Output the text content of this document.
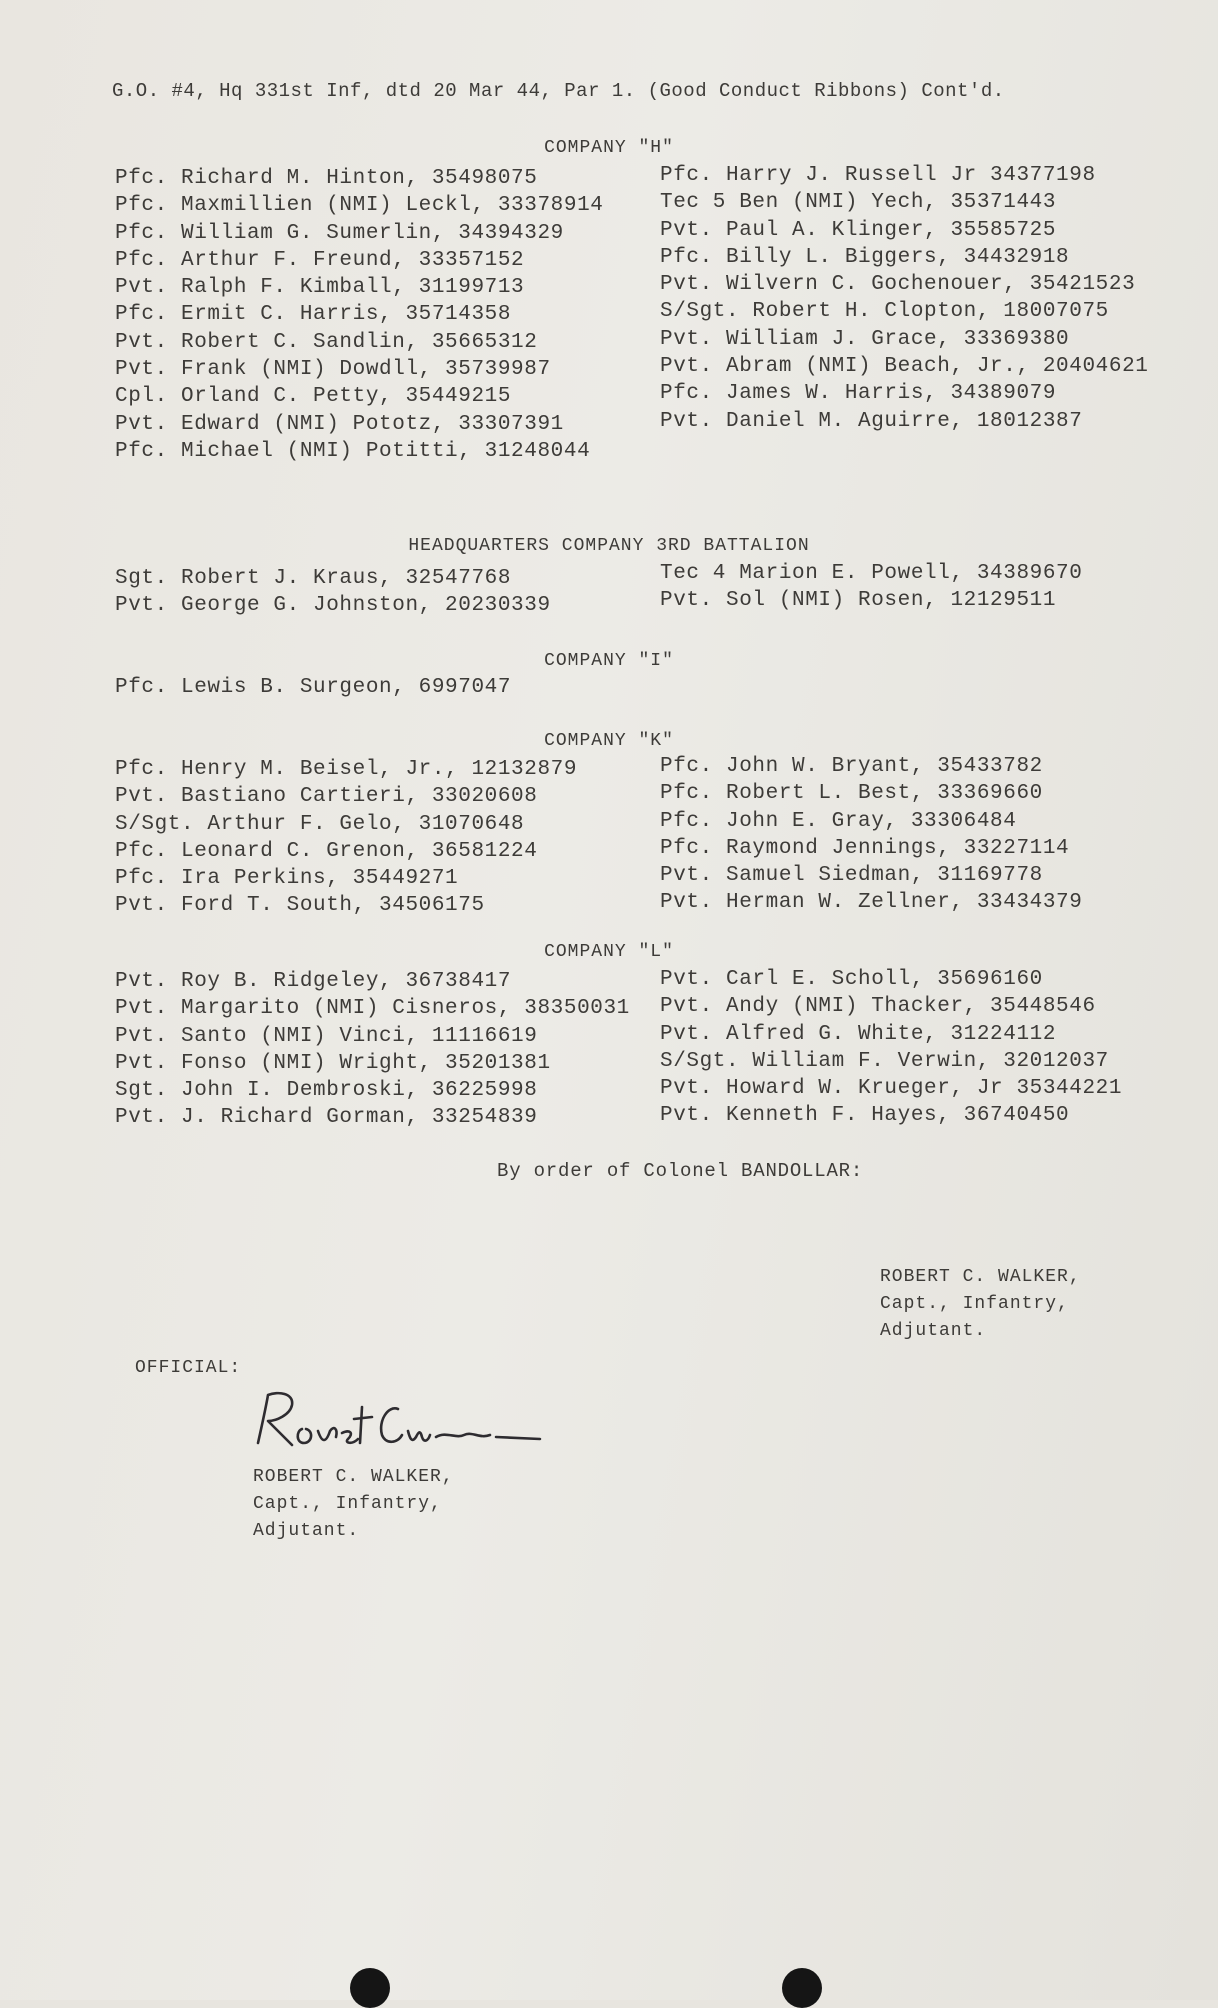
G.O. #4, Hq 331st Inf, dtd 20 Mar 44, Par 1. (Good Conduct Ribbons) Cont'd.
COMPANY "H"
Pfc. Richard M. Hinton, 35498075
Pfc. Maxmillien (NMI) Leckl, 33378914
Pfc. William G. Sumerlin, 34394329
Pfc. Arthur F. Freund, 33357152
Pvt. Ralph F. Kimball, 31199713
Pfc. Ermit C. Harris, 35714358
Pvt. Robert C. Sandlin, 35665312
Pvt. Frank (NMI) Dowdll, 35739987
Cpl. Orland C. Petty, 35449215
Pvt. Edward (NMI) Pototz, 33307391
Pfc. Michael (NMI) Potitti, 31248044
Pfc. Harry J. Russell Jr 34377198
Tec 5 Ben (NMI) Yech, 35371443
Pvt. Paul A. Klinger, 35585725
Pfc. Billy L. Biggers, 34432918
Pvt. Wilvern C. Gochenouer, 35421523
S/Sgt. Robert H. Clopton, 18007075
Pvt. William J. Grace, 33369380
Pvt. Abram (NMI) Beach, Jr., 20404621
Pfc. James W. Harris, 34389079
Pvt. Daniel M. Aguirre, 18012387
HEADQUARTERS COMPANY 3RD BATTALION
Sgt. Robert J. Kraus, 32547768
Pvt. George G. Johnston, 20230339
Tec 4 Marion E. Powell, 34389670
Pvt. Sol (NMI) Rosen, 12129511
COMPANY "I"
Pfc. Lewis B. Surgeon, 6997047
COMPANY "K"
Pfc. Henry M. Beisel, Jr., 12132879
Pvt. Bastiano Cartieri, 33020608
S/Sgt. Arthur F. Gelo, 31070648
Pfc. Leonard C. Grenon, 36581224
Pfc. Ira Perkins, 35449271
Pvt. Ford T. South, 34506175
Pfc. John W. Bryant, 35433782
Pfc. Robert L. Best, 33369660
Pfc. John E. Gray, 33306484
Pfc. Raymond Jennings, 33227114
Pvt. Samuel Siedman, 31169778
Pvt. Herman W. Zellner, 33434379
COMPANY "L"
Pvt. Roy B. Ridgeley, 36738417
Pvt. Margarito (NMI) Cisneros, 38350031
Pvt. Santo (NMI) Vinci, 11116619
Pvt. Fonso (NMI) Wright, 35201381
Sgt. John I. Dembroski, 36225998
Pvt. J. Richard Gorman, 33254839
Pvt. Carl E. Scholl, 35696160
Pvt. Andy (NMI) Thacker, 35448546
Pvt. Alfred G. White, 31224112
S/Sgt. William F. Verwin, 32012037
Pvt. Howard W. Krueger, Jr 35344221
Pvt. Kenneth F. Hayes, 36740450
By order of Colonel BANDOLLAR:
ROBERT C. WALKER,
Capt., Infantry,
Adjutant.
OFFICIAL:
ROBERT C. WALKER,
Capt., Infantry,
Adjutant.
